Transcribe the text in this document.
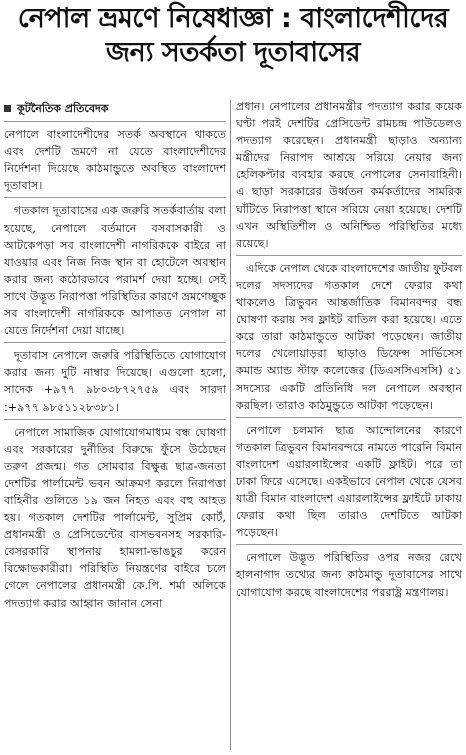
নেপাল ভ্রমণে নিষেধাজ্ঞা : বাংলাদেশীদের
জন্য সতর্কতা দূতাবাসের
কূটনৈতিক প্রতিবেদক

নেপালে বাংলাদেশীদের সতর্ক অবস্থানে থাকতে এবং দেশটি ভ্রমণে না যেতে বাংলাদেশীদের নির্দেশনা দিয়েছে কাঠমান্ডুতে অবস্থিত বাংলাদেশ দূতাবাস।

গতকাল দূতাবাসের এক জরুরি সতর্কবার্তায় বলা হয়েছে, নেপালে বর্তমানে বসবাসকারী ও আটকেপড়া সব বাংলাদেশী নাগরিককে বাইরে না যাওয়ার এবং নিজ নিজ স্থান বা হোটেলে অবস্থান করার জন্য কঠোরভাবে পরামর্শ দেয়া হচ্ছে। সেই সাথে উদ্ভূত নিরাপত্তা পরিস্থিতির কারণে ভ্রমণেচ্ছুক সব বাংলাদেশী নাগরিককে আপাতত নেপাল না যেতে নির্দেশনা দেয়া যাচ্ছে।

দূতাবাস নেপালে জরুরি পরিস্থিতিতে যোগাযোগ করার জন্য দুটি নাম্বার দিয়েছে। এগুলো হলো, সাদেক +৯৭৭ ৯৮০৩৮৭২৭৫৯ এবং সারদা :+৯৭৭ ৯৮৫১১২৮৩৮১।

নেপালে সামাজিক যোগাযোগমাধ্যম বন্ধ ঘোষণা এবং সরকারের দুর্নীতির বিরুদ্ধে ফুঁসে উঠেছেন তরুণ প্রজন্ম। গত সোমবার বিক্ষুব্ধ ছাত্র-জনতা দেশটির পার্লামেন্ট ভবন আক্রমণ করলে নিরাপত্তা বাহিনীর গুলিতে ১৯ জন নিহত এবং বহু আহত হয়। গতকাল দেশটির পার্লামেন্ট, সুপ্রিম কোর্ট, প্রধানমন্ত্রী ও প্রেসিডেন্টের বাসভবনসহ সরকারি-বেসরকারি স্থাপনায় হামলা-ভাঙচুর করেন বিক্ষোভকারীরা। পরিস্থিতি নিয়ন্ত্রণের বাইরে চলে গেলে নেপালের প্রধানমন্ত্রী কে.পি. শর্মা অলিকে পদত্যাগ করার আহ্বান জানান সেনা

প্রধান। নেপালের প্রধানমন্ত্রীর পদত্যাগ করার কয়েক ঘণ্টা পরই দেশটির প্রেসিডেন্ট রামচন্দ্র পাউডেলও পদত্যাগ করেছেন। প্রধানমন্ত্রী ছাড়াও অন্যান্য মন্ত্রীদের নিরাপদ আশ্রয়ে সরিয়ে নেয়ার জন্য হেলিকপ্টার ব্যবহার করছে নেপালের সেনাবাহিনী। এ ছাড়া সরকারের উর্ধ্বতন কর্মকর্তাদের সামরিক ঘাঁটিতে নিরাপত্তা স্থানে সরিয়ে নেয়া হয়েছে। দেশটি এখন অস্থিতিশীল ও অনিশ্চিত পরিস্থিতির মধ্যে রয়েছে।

এদিকে নেপাল থেকে বাংলাদেশের জাতীয় ফুটবল দলের সদস্যদের গতকাল দেশে ফেরার কথা থাকলেও ত্রিভুবন আন্তর্জাতিক বিমানবন্দর বন্ধ ঘোষণা করায় সব ফ্লাইট বাতিল করা হয়েছে। এতে করে তারা কাঠমান্ডুতে আটকা পড়েছেন। জাতীয় দলের খেলোয়াড়রা ছাড়াও ডিফেন্স সার্ভিসেস কমান্ড অ্যান্ড স্টাফ কলেজের (ডিএসসিএসসি) ৫১ সদস্যের একটি প্রতিনিধি দল নেপালে অবস্থান করছিল। তারাও কাঠমুন্ডুতে আটকা পড়েছেন।

নেপালে চলমান ছাত্র আন্দোলনের কারণে গতকাল ত্রিভুবন বিমানবন্দরে নামতে পারেনি বিমান বাংলাদেশ এয়ারলাইন্সের একটি ফ্লাইট। পরে তা ঢাকা ফিরে এসেছে। একইভাবে নেপাল থেকে যেসব যাত্রী বিমান বাংলাদেশ এয়ারলাইন্সের ফ্লাইটে ঢাকায় ফেরার কথা ছিল তারাও দেশটিতে আটকা পড়েছেন।

নেপালে উদ্ভূত পরিস্থিতির ওপর নজর রেখে হালনাগাদ তথ্যের জন্য কাঠমান্ডু দূতাবাসের সাথে যোগাযোগ করছে বাংলাদেশের পররাষ্ট্র মন্ত্রণালয়।
